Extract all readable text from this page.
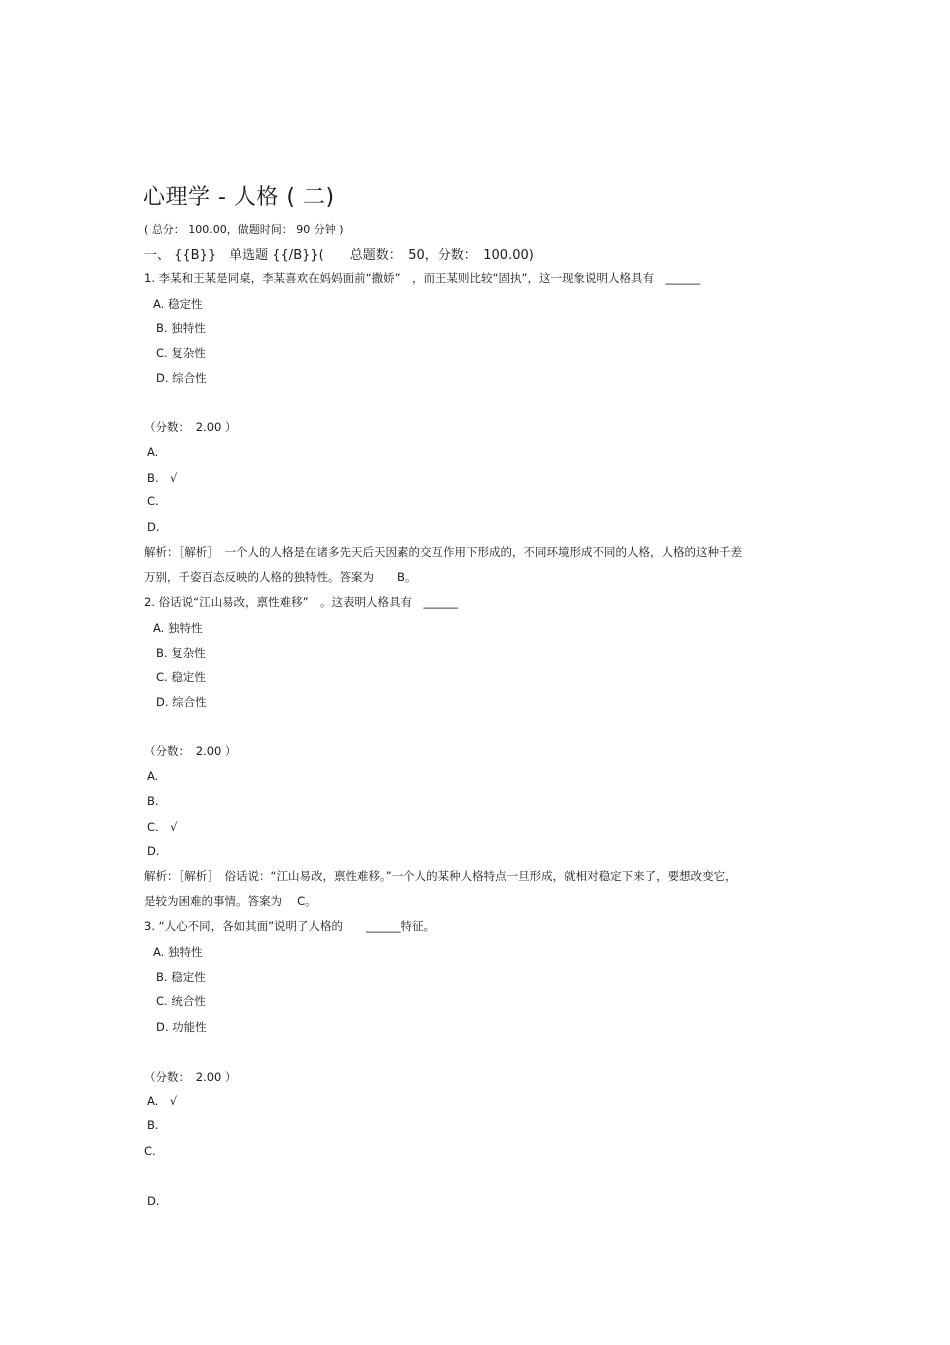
心理学 - 人格 ( 二)
( 总分： 100.00，做题时间： 90 分钟 )
一、 {{B}}　单选题 {{/B}}(　　总题数：　50，分数：　100.00)
1. 李某和王某是同桌，李某喜欢在妈妈面前“撒娇”　，而王某则比较“固执”，这一现象说明人格具有　______
A. 稳定性
B. 独特性
C. 复杂性
D. 综合性
（分数：　2.00 ）
A.
B.　√
C.
D.
解析：［解析］　一个人的人格是在诸多先天后天因素的交互作用下形成的，不同环境形成不同的人格，人格的这种千差
万别，千姿百态反映的人格的独特性。答案为　　B。
2. 俗话说“江山易改，禀性难移”　。这表明人格具有　______
A. 独特性
B. 复杂性
C. 稳定性
D. 综合性
（分数：　2.00 ）
A.
B.
C.　√
D.
解析：［解析］　俗话说：“江山易改，禀性难移。”一个人的某种人格特点一旦形成，就相对稳定下来了，要想改变它，
是较为困难的事情。答案为　 C。
3. “人心不同，各如其面”说明了人格的　　______特征。
A. 独特性
B. 稳定性
C. 统合性
D. 功能性
（分数：　2.00 ）
A.　√
B.
C.
D.
